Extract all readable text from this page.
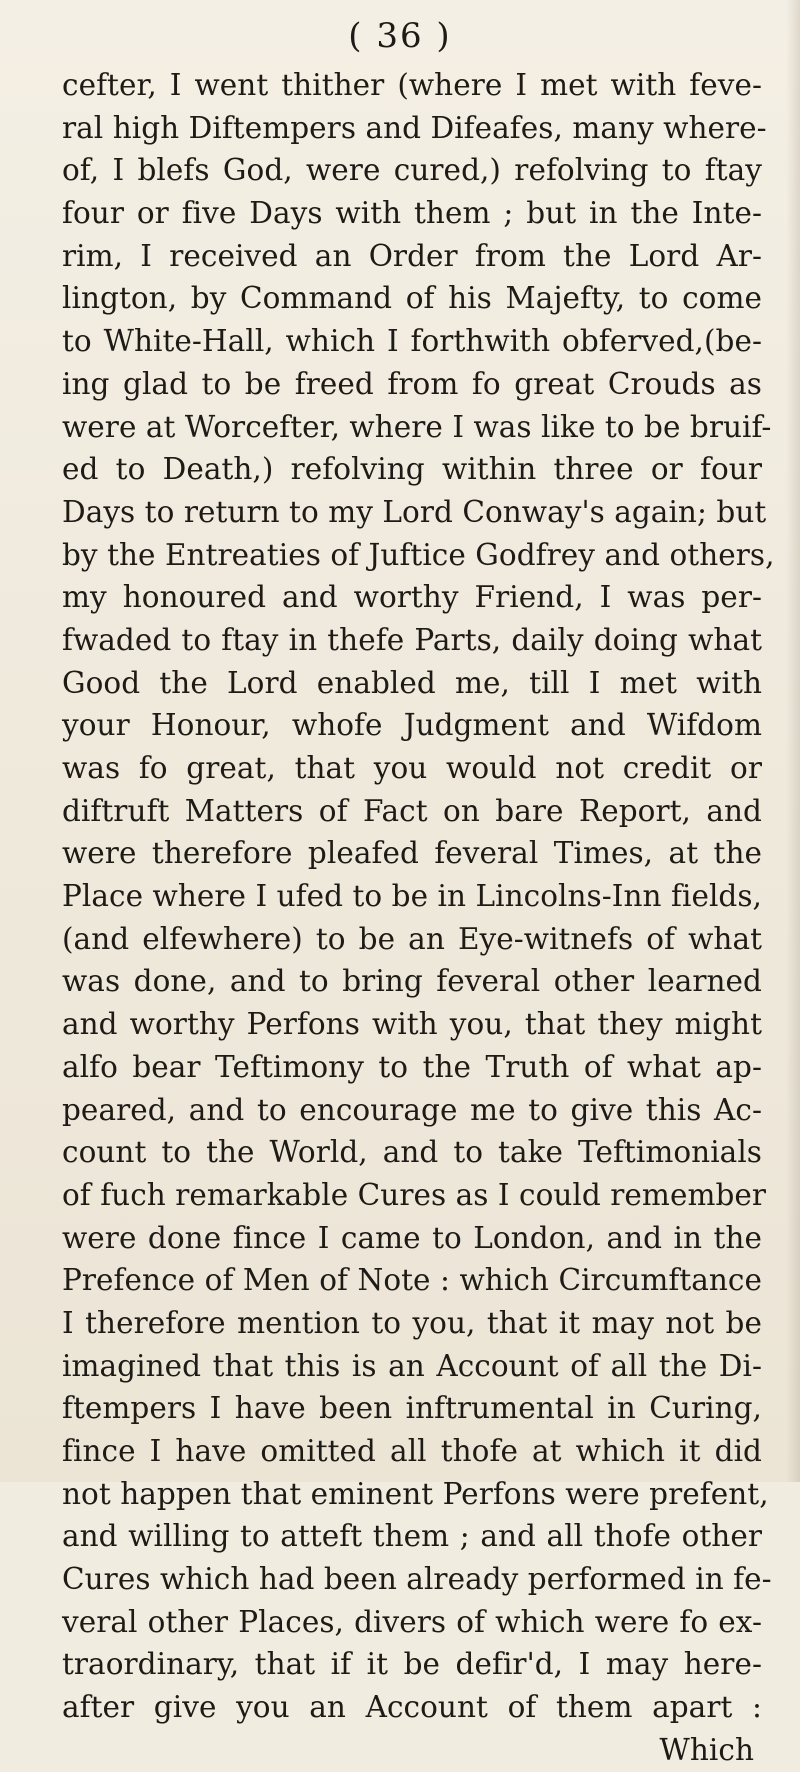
( 36 )

cefter, I went thither (where I met with feve-
ral high Diftempers and Difeafes, many where-
of, I blefs God, were cured,) refolving to ftay
four or five Days with them ; but in the Inte-
rim, I received an Order from the Lord Ar-
lington, by Command of his Majefty, to come
to White-Hall, which I forthwith obferved,(be-
ing glad to be freed from fo great Crouds as
were at Worcefter, where I was like to be bruif-
ed to Death,) refolving within three or four
Days to return to my Lord Conway's again; but
by the Entreaties of Juftice Godfrey and others,
my honoured and worthy Friend, I was per-
fwaded to ftay in thefe Parts, daily doing what
Good the Lord enabled me, till I met with
your Honour, whofe Judgment and Wifdom
was fo great, that you would not credit or
diftruft Matters of Fact on bare Report, and
were therefore pleafed feveral Times, at the
Place where I ufed to be in Lincolns-Inn fields,
(and elfewhere) to be an Eye-witnefs of what
was done, and to bring feveral other learned
and worthy Perfons with you, that they might
alfo bear Teftimony to the Truth of what ap-
peared, and to encourage me to give this Ac-
count to the World, and to take Teftimonials
of fuch remarkable Cures as I could remember
were done fince I came to London, and in the
Prefence of Men of Note : which Circumftance
I therefore mention to you, that it may not be
imagined that this is an Account of all the Di-
ftempers I have been inftrumental in Curing,
fince I have omitted all thofe at which it did
not happen that eminent Perfons were prefent,
and willing to atteft them ; and all thofe other
Cures which had been already performed in fe-
veral other Places, divers of which were fo ex-
traordinary, that if it be defir'd, I may here-
after give you an Account of them apart :
Which
